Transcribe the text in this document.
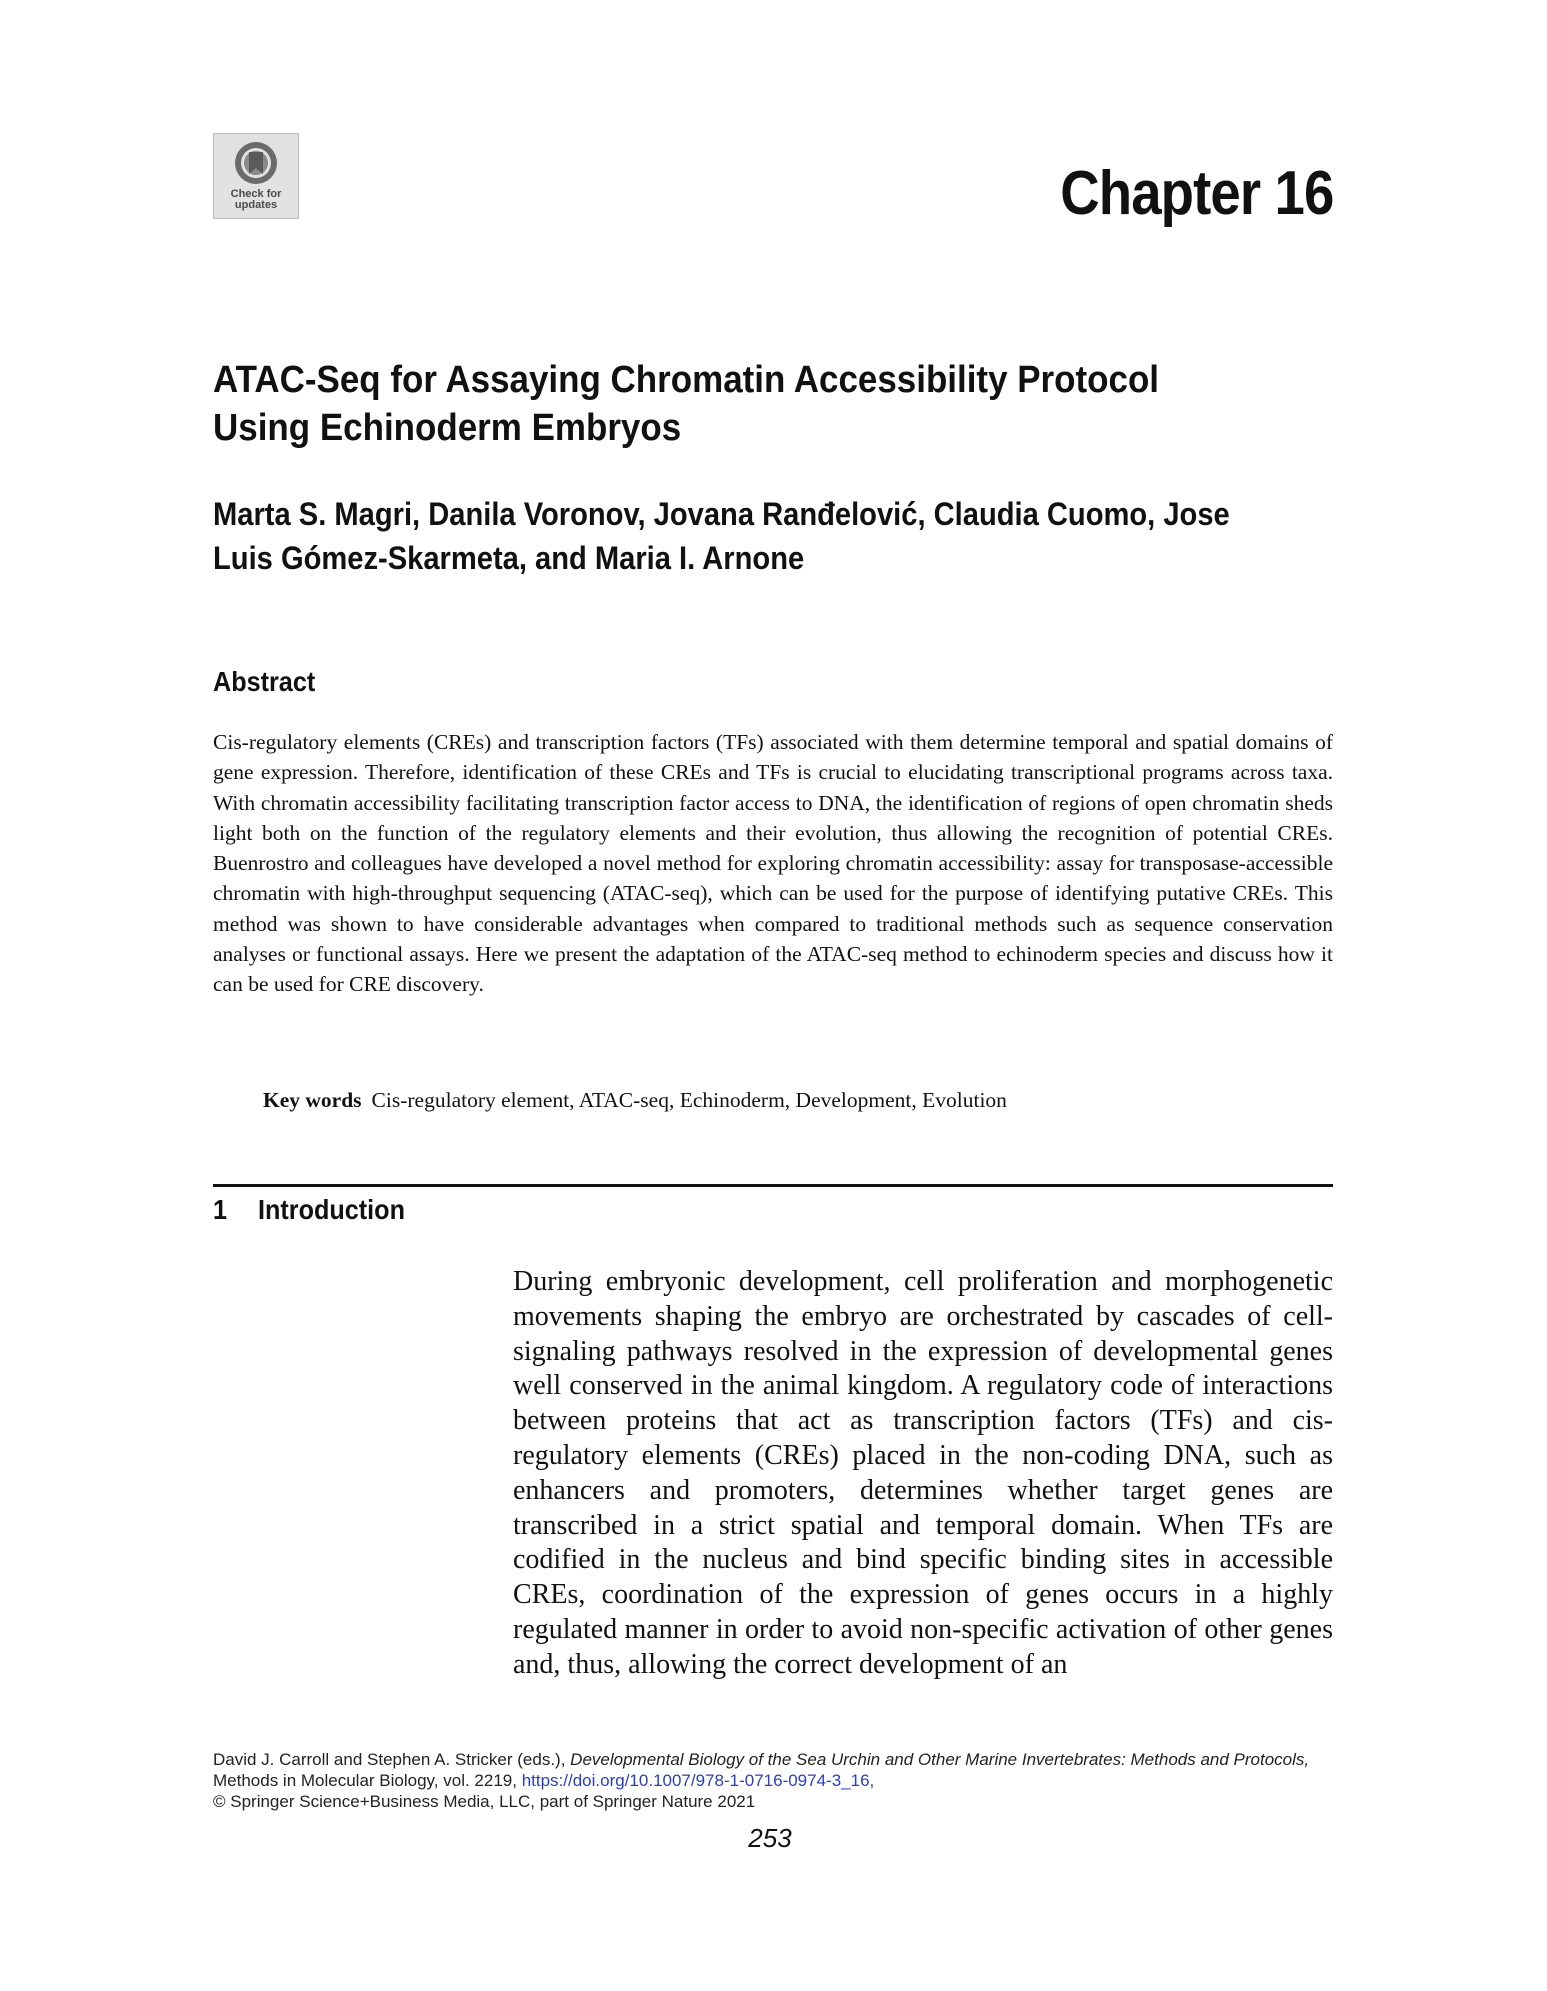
Check for updates	Chapter 16
ATAC-Seq for Assaying Chromatin Accessibility Protocol Using Echinoderm Embryos

Marta S. Magri, Danila Voronov, Jovana Ranđelović, Claudia Cuomo, Jose Luis Gómez-Skarmeta, and Maria I. Arnone

Abstract

Cis-regulatory elements (CREs) and transcription factors (TFs) associated with them determine temporal and spatial domains of gene expression. Therefore, identification of these CREs and TFs is crucial to elucidating transcriptional programs across taxa. With chromatin accessibility facilitating transcription factor access to DNA, the identification of regions of open chromatin sheds light both on the function of the regulatory elements and their evolution, thus allowing the recognition of potential CREs. Buenrostro and colleagues have developed a novel method for exploring chromatin accessibility: assay for transposase-accessible chromatin with high-throughput sequencing (ATAC-seq), which can be used for the purpose of identifying putative CREs. This method was shown to have considerable advantages when compared to traditional methods such as sequence conservation analyses or functional assays. Here we present the adaptation of the ATAC-seq method to echinoderm species and discuss how it can be used for CRE discovery.

Key words Cis-regulatory element, ATAC-seq, Echinoderm, Development, Evolution

1 Introduction

During embryonic development, cell proliferation and morphogenetic movements shaping the embryo are orchestrated by cascades of cell-signaling pathways resolved in the expression of developmental genes well conserved in the animal kingdom. A regulatory code of interactions between proteins that act as transcription factors (TFs) and cis-regulatory elements (CREs) placed in the non-coding DNA, such as enhancers and promoters, determines whether target genes are transcribed in a strict spatial and temporal domain. When TFs are codified in the nucleus and bind specific binding sites in accessible CREs, coordination of the expression of genes occurs in a highly regulated manner in order to avoid non-specific activation of other genes and, thus, allowing the correct development of an

David J. Carroll and Stephen A. Stricker (eds.), Developmental Biology of the Sea Urchin and Other Marine Invertebrates: Methods and Protocols, Methods in Molecular Biology, vol. 2219, https://doi.org/10.1007/978-1-0716-0974-3_16,
© Springer Science+Business Media, LLC, part of Springer Nature 2021

253
